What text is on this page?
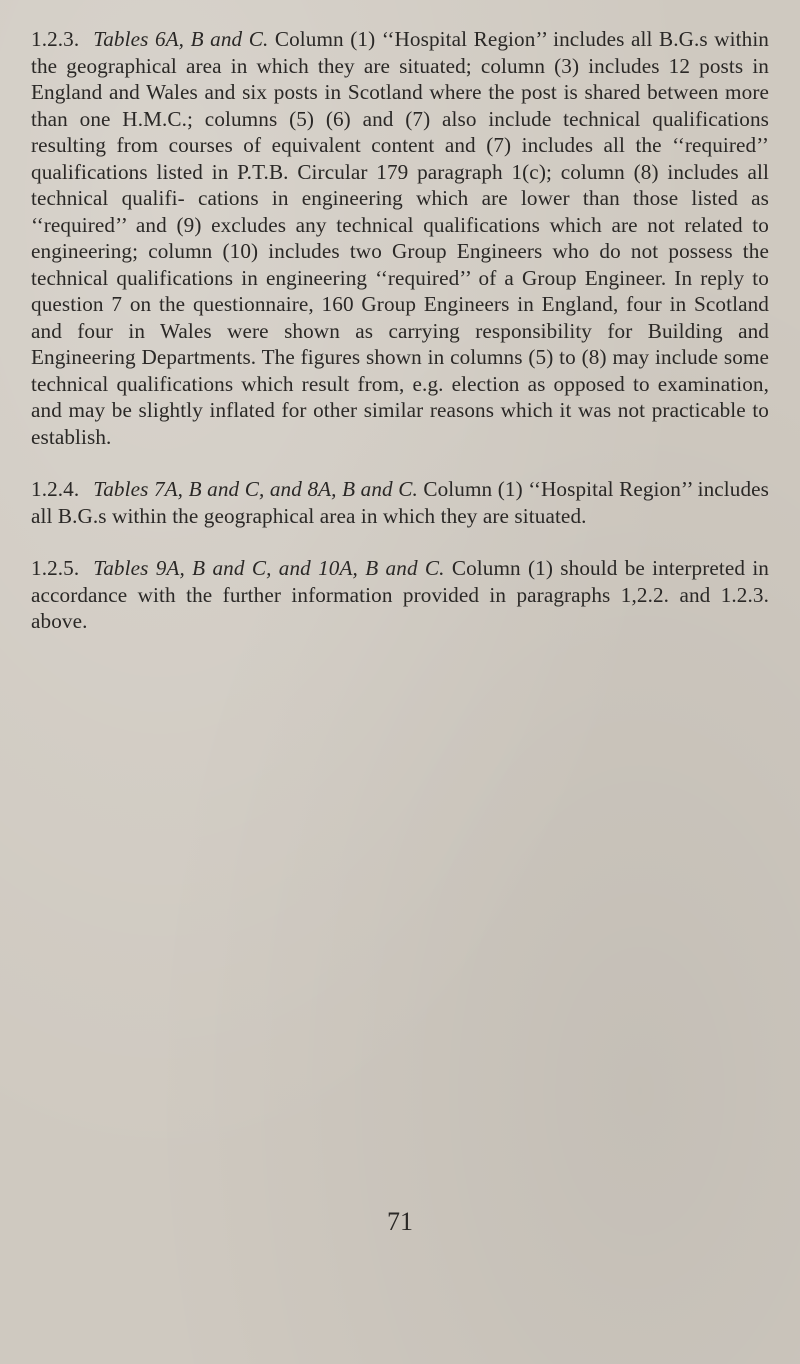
1.2.3. Tables 6A, B and C. Column (1) ‘‘Hospital Region’’ includes all B.G.s within the geographical area in which they are situated; column (3) includes 12 posts in England and Wales and six posts in Scotland where the post is shared between more than one H.M.C.; columns (5) (6) and (7) also include technical qualifications resulting from courses of equivalent content and (7) includes all the ‘‘required’’ qualifications listed in P.T.B. Circular 179 paragraph 1(c); column (8) includes all technical qualifi- cations in engineering which are lower than those listed as ‘‘required’’ and (9) excludes any technical qualifications which are not related to engineering; column (10) includes two Group Engineers who do not possess the technical qualifications in engineering ‘‘required’’ of a Group Engineer. In reply to question 7 on the questionnaire, 160 Group Engineers in England, four in Scotland and four in Wales were shown as carrying responsibility for Building and Engineering Departments. The figures shown in columns (5) to (8) may include some technical qualifications which result from, e.g. election as opposed to examination, and may be slightly inflated for other similar reasons which it was not practicable to establish.

1.2.4. Tables 7A, B and C, and 8A, B and C. Column (1) ‘‘Hospital Region’’ includes all B.G.s within the geographical area in which they are situated.

1.2.5. Tables 9A, B and C, and 10A, B and C. Column (1) should be interpreted in accordance with the further information provided in paragraphs 1,2.2. and 1.2.3. above.

71
